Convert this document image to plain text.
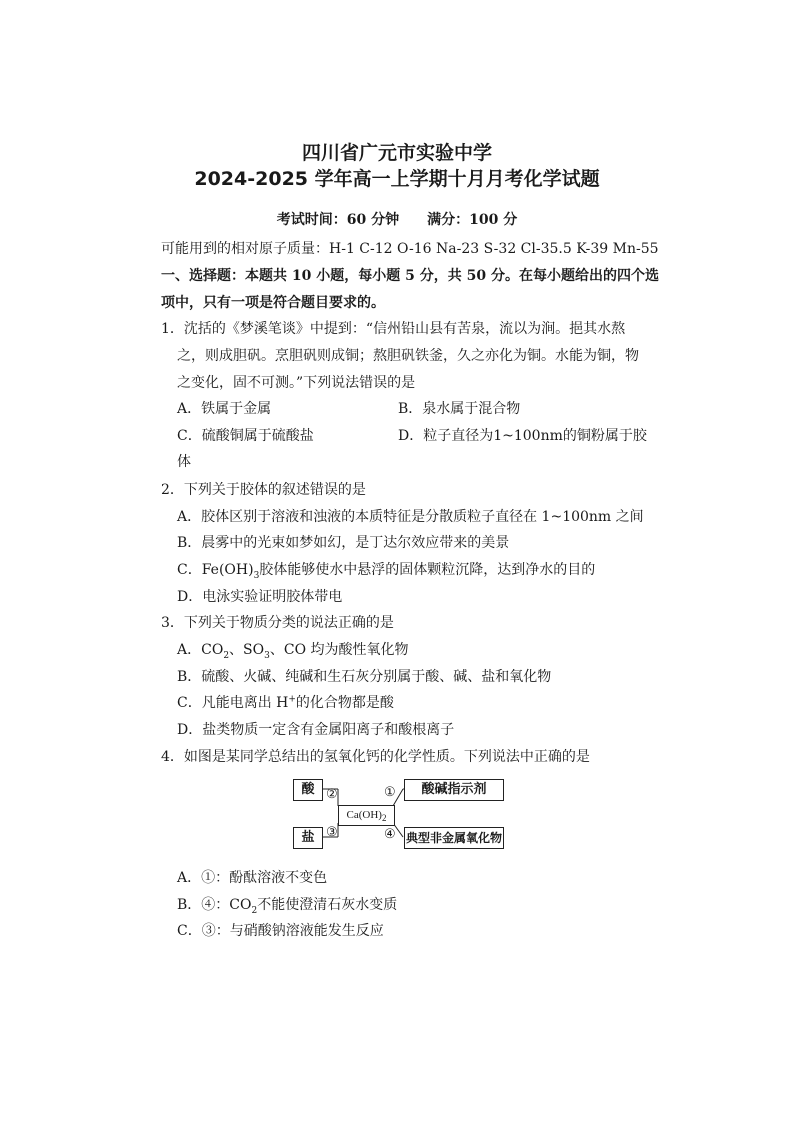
四川省广元市实验中学
2024-2025 学年高一上学期十月月考化学试题
考试时间：60 分钟　　满分：100 分
可能用到的相对原子质量：H-1 C-12 O-16 Na-23 S-32 Cl-35.5 K-39 Mn-55
一、选择题：本题共 10 小题，每小题 5 分，共 50 分。在每小题给出的四个选
项中，只有一项是符合题目要求的。
1．沈括的《梦溪笔谈》中提到：“信州铅山县有苦泉，流以为涧。挹其水熬
之，则成胆矾。烹胆矾则成铜；熬胆矾铁釜，久之亦化为铜。水能为铜，物
之变化，固不可测。”下列说法错误的是
A．铁属于金属	B．泉水属于混合物
C．硫酸铜属于硫酸盐	D．粒子直径为1~100nm的铜粉属于胶
体
2．下列关于胶体的叙述错误的是
A．胶体区别于溶液和浊液的本质特征是分散质粒子直径在 1~100nm 之间
B．晨雾中的光束如梦如幻，是丁达尔效应带来的美景
C．$Fe(OH)_3$胶体能够使水中悬浮的固体颗粒沉降，达到净水的目的
D．电泳实验证明胶体带电
3．下列关于物质分类的说法正确的是
A．$CO_2$、$SO_3$、CO 均为酸性氧化物
B．硫酸、火碱、纯碱和生石灰分别属于酸、碱、盐和氧化物
C．凡能电离出 H+的化合物都是酸
D．盐类物质一定含有金属阳离子和酸根离子
4．如图是某同学总结出的氢氧化钙的化学性质。下列说法中正确的是
酸
盐
$Ca(OH)_2$
酸碱指示剂
典型非金属氧化物
②	①
③	④
A．①：酚酞溶液不变色
B．④：$CO_2$不能使澄清石灰水变质
C．③：与硝酸钠溶液能发生反应
